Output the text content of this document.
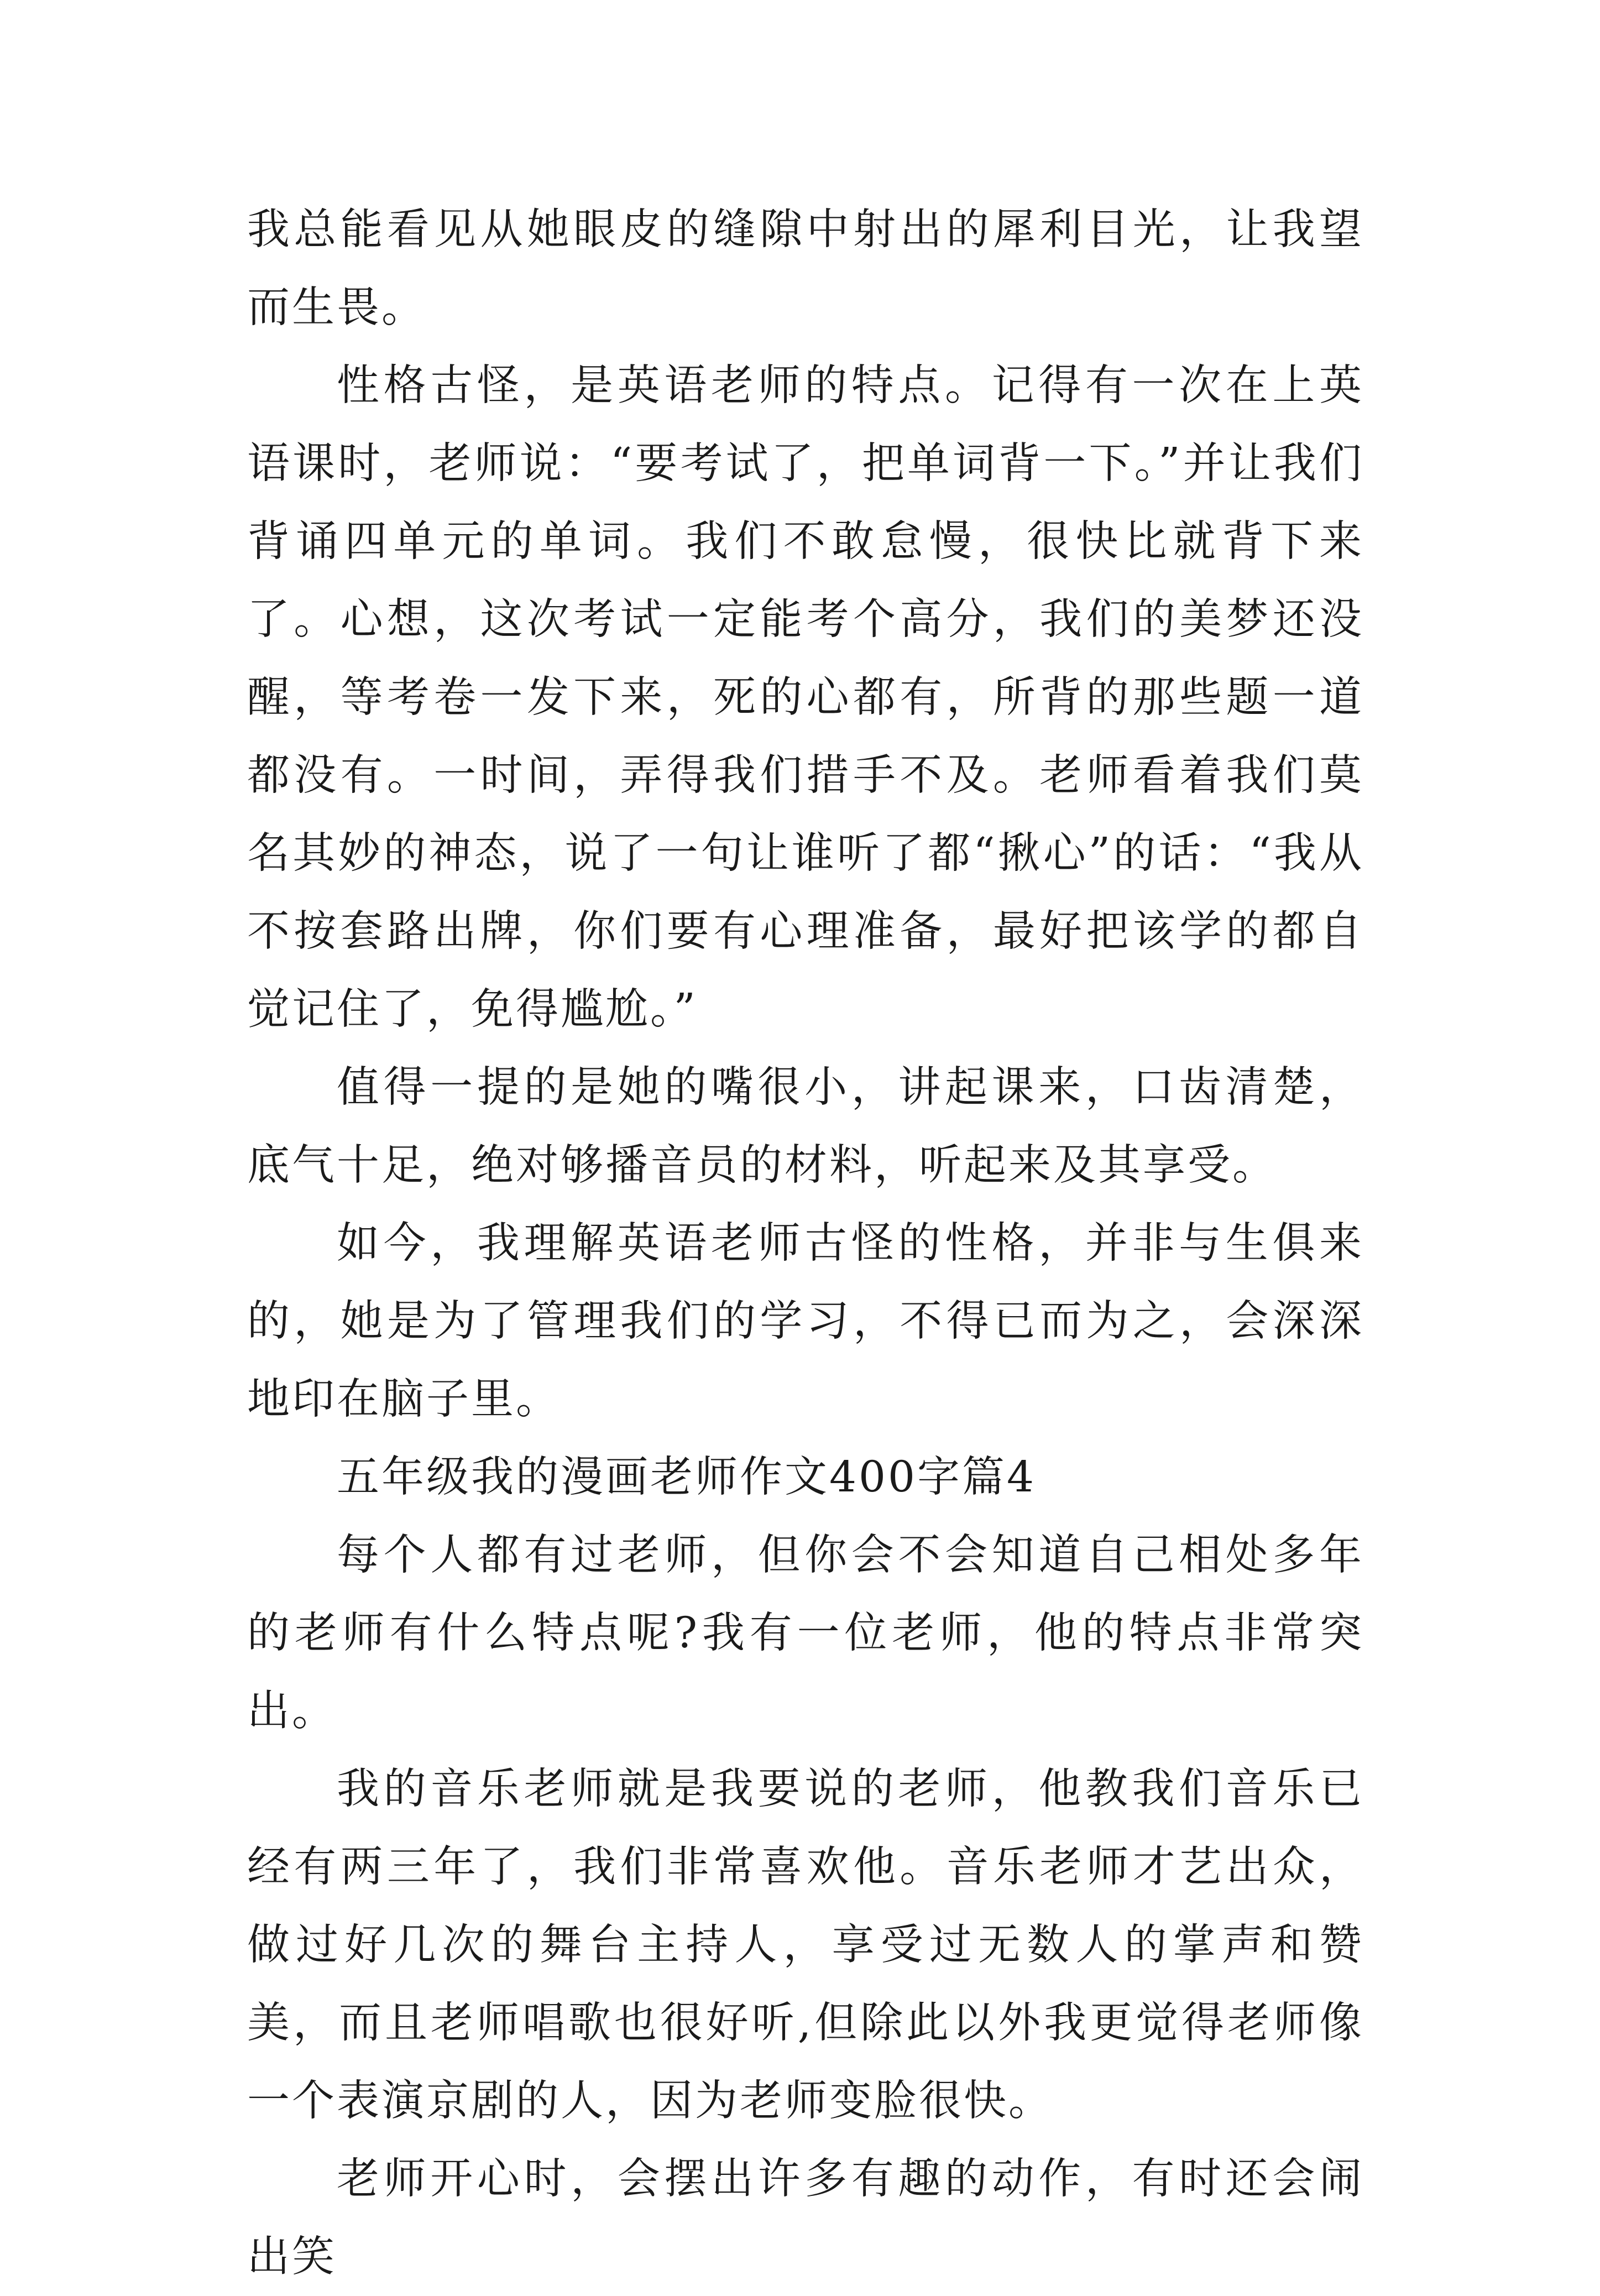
我总能看见从她眼皮的缝隙中射出的犀利目光，让我望而生畏。

性格古怪，是英语老师的特点。记得有一次在上英语课时，老师说：“要考试了，把单词背一下。”并让我们背诵四单元的单词。我们不敢怠慢，很快比就背下来了。心想，这次考试一定能考个高分，我们的美梦还没醒，等考卷一发下来，死的心都有，所背的那些题一道都没有。一时间，弄得我们措手不及。老师看着我们莫名其妙的神态，说了一句让谁听了都“揪心”的话：“我从不按套路出牌，你们要有心理准备，最好把该学的都自觉记住了，免得尴尬。”

值得一提的是她的嘴很小，讲起课来，口齿清楚，底气十足，绝对够播音员的材料，听起来及其享受。

如今，我理解英语老师古怪的性格，并非与生俱来的，她是为了管理我们的学习，不得已而为之，会深深地印在脑子里。

五年级我的漫画老师作文400字篇4

每个人都有过老师，但你会不会知道自己相处多年的老师有什么特点呢?我有一位老师，他的特点非常突出。

我的音乐老师就是我要说的老师，他教我们音乐已经有两三年了，我们非常喜欢他。音乐老师才艺出众，做过好几次的舞台主持人，享受过无数人的掌声和赞美，而且老师唱歌也很好听,但除此以外我更觉得老师像一个表演京剧的人，因为老师变脸很快。

老师开心时，会摆出许多有趣的动作，有时还会闹出笑
